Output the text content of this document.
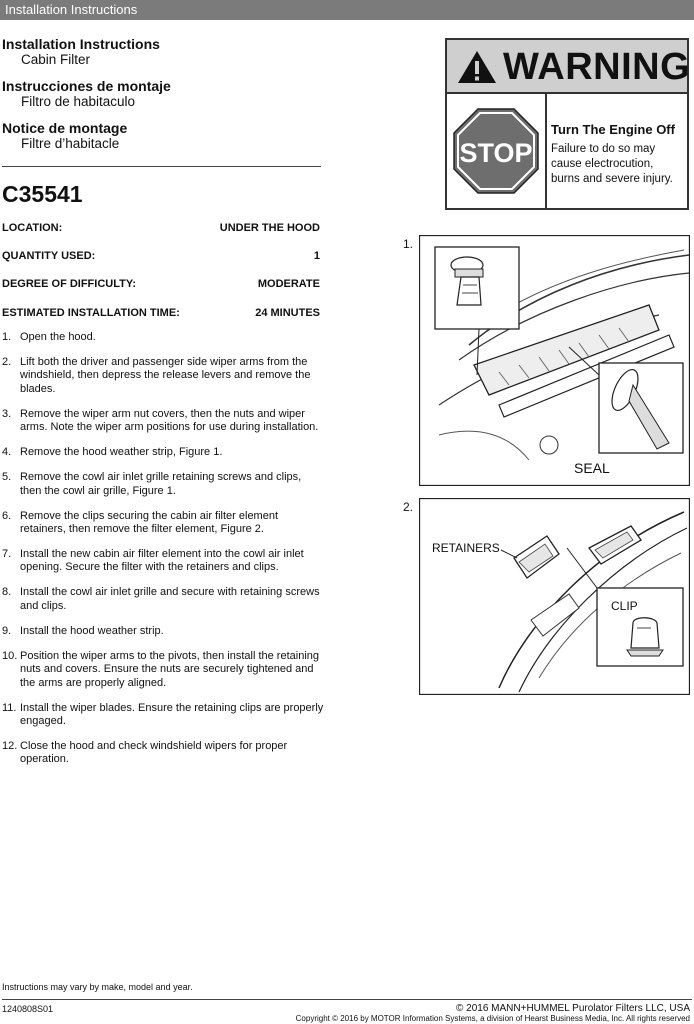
Installation Instructions
Installation Instructions
Cabin Filter
Instrucciones de montaje
Filtro de habitaculo
Notice de montage
Filtre d’habitacle
C35541
LOCATION:	UNDER THE HOOD
QUANTITY USED:	1
DEGREE OF DIFFICULTY:	MODERATE
ESTIMATED INSTALLATION TIME:	24 MINUTES
1. Open the hood.
2. Lift both the driver and passenger side wiper arms from the windshield, then depress the release levers and remove the blades.
3. Remove the wiper arm nut covers, then the nuts and wiper arms. Note the wiper arm positions for use during installation.
4. Remove the hood weather strip, Figure 1.
5. Remove the cowl air inlet grille retaining screws and clips, then the cowl air grille, Figure 1.
6. Remove the clips securing the cabin air filter element retainers, then remove the filter element, Figure 2.
7. Install the new cabin air filter element into the cowl air inlet opening. Secure the filter with the retainers and clips.
8. Install the cowl air inlet grille and secure with retaining screws and clips.
9. Install the hood weather strip.
10. Position the wiper arms to the pivots, then install the retaining nuts and covers. Ensure the nuts are securely tightened and the arms are properly aligned.
11. Install the wiper blades. Ensure the retaining clips are properly engaged.
12. Close the hood and check windshield wipers for proper operation.
WARNING
STOP
Turn The Engine Off
Failure to do so may cause electrocution, burns and severe injury.
1.
SEAL
2.
RETAINERS
CLIP
Instructions may vary by make, model and year.
1240808S01	© 2016 MANN+HUMMEL Purolator Filters LLC, USA
Copyright © 2016 by MOTOR Information Systems, a division of Hearst Business Media, Inc. All rights reserved
